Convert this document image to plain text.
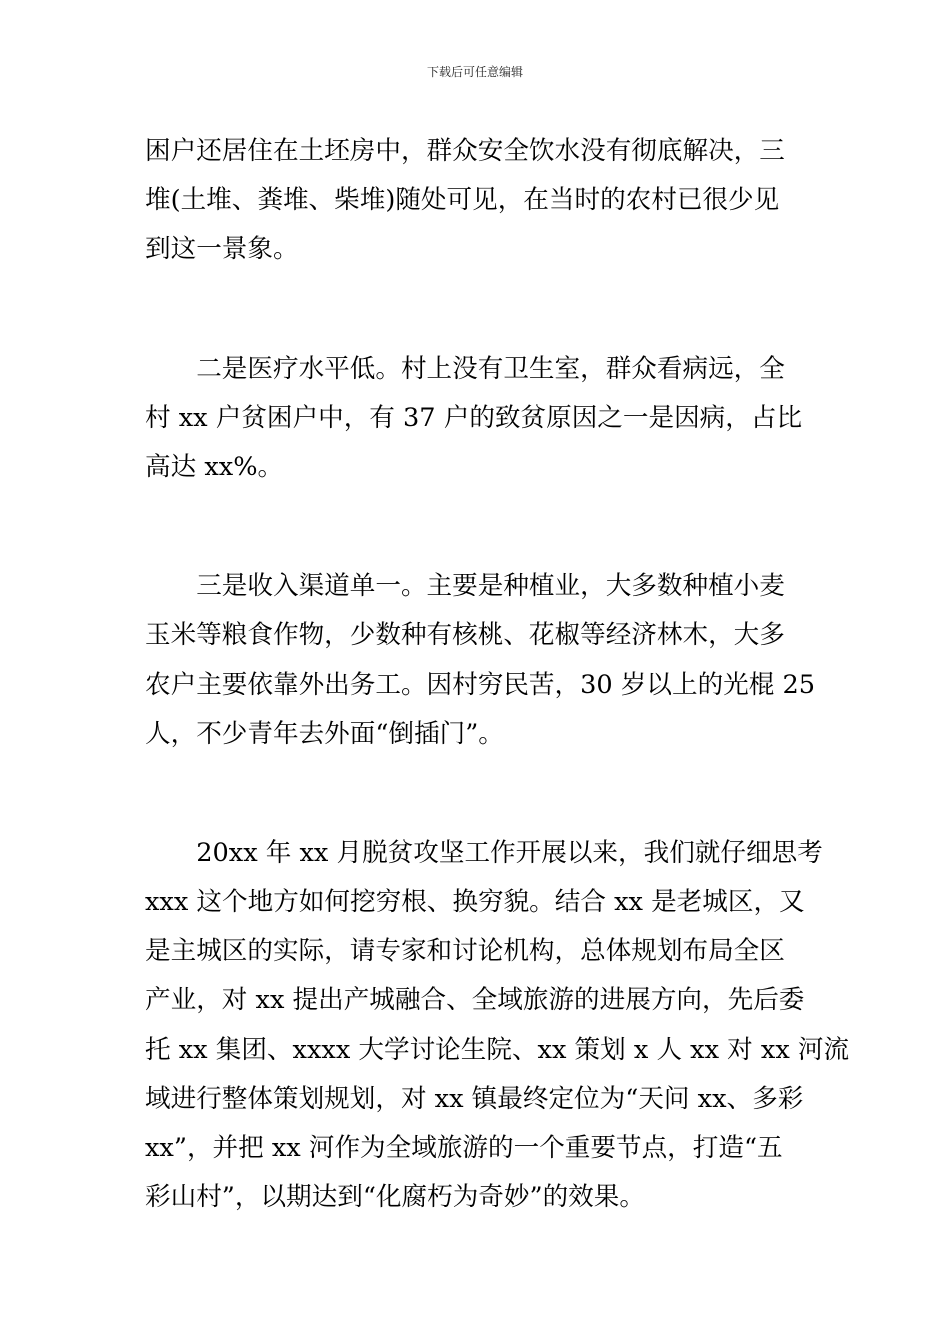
下载后可任意编辑
困户还居住在土坯房中，群众安全饮水没有彻底解决，三
堆(土堆、粪堆、柴堆)随处可见，在当时的农村已很少见
到这一景象。
　　二是医疗水平低。村上没有卫生室，群众看病远，全
村 xx 户贫困户中，有 37 户的致贫原因之一是因病，占比
高达 xx%。
　　三是收入渠道单一。主要是种植业，大多数种植小麦
玉米等粮食作物，少数种有核桃、花椒等经济林木，大多
农户主要依靠外出务工。因村穷民苦，30 岁以上的光棍 25
人，不少青年去外面“倒插门”。
　　20xx 年 xx 月脱贫攻坚工作开展以来，我们就仔细思考
xxx 这个地方如何挖穷根、换穷貌。结合 xx 是老城区，又
是主城区的实际，请专家和讨论机构，总体规划布局全区
产业，对 xx 提出产城融合、全域旅游的进展方向，先后委
托 xx 集团、xxxx 大学讨论生院、xx 策划 x 人 xx 对 xx 河流
域进行整体策划规划，对 xx 镇最终定位为“天问 xx、多彩
xx”，并把 xx 河作为全域旅游的一个重要节点，打造“五
彩山村”，以期达到“化腐朽为奇妙”的效果。
